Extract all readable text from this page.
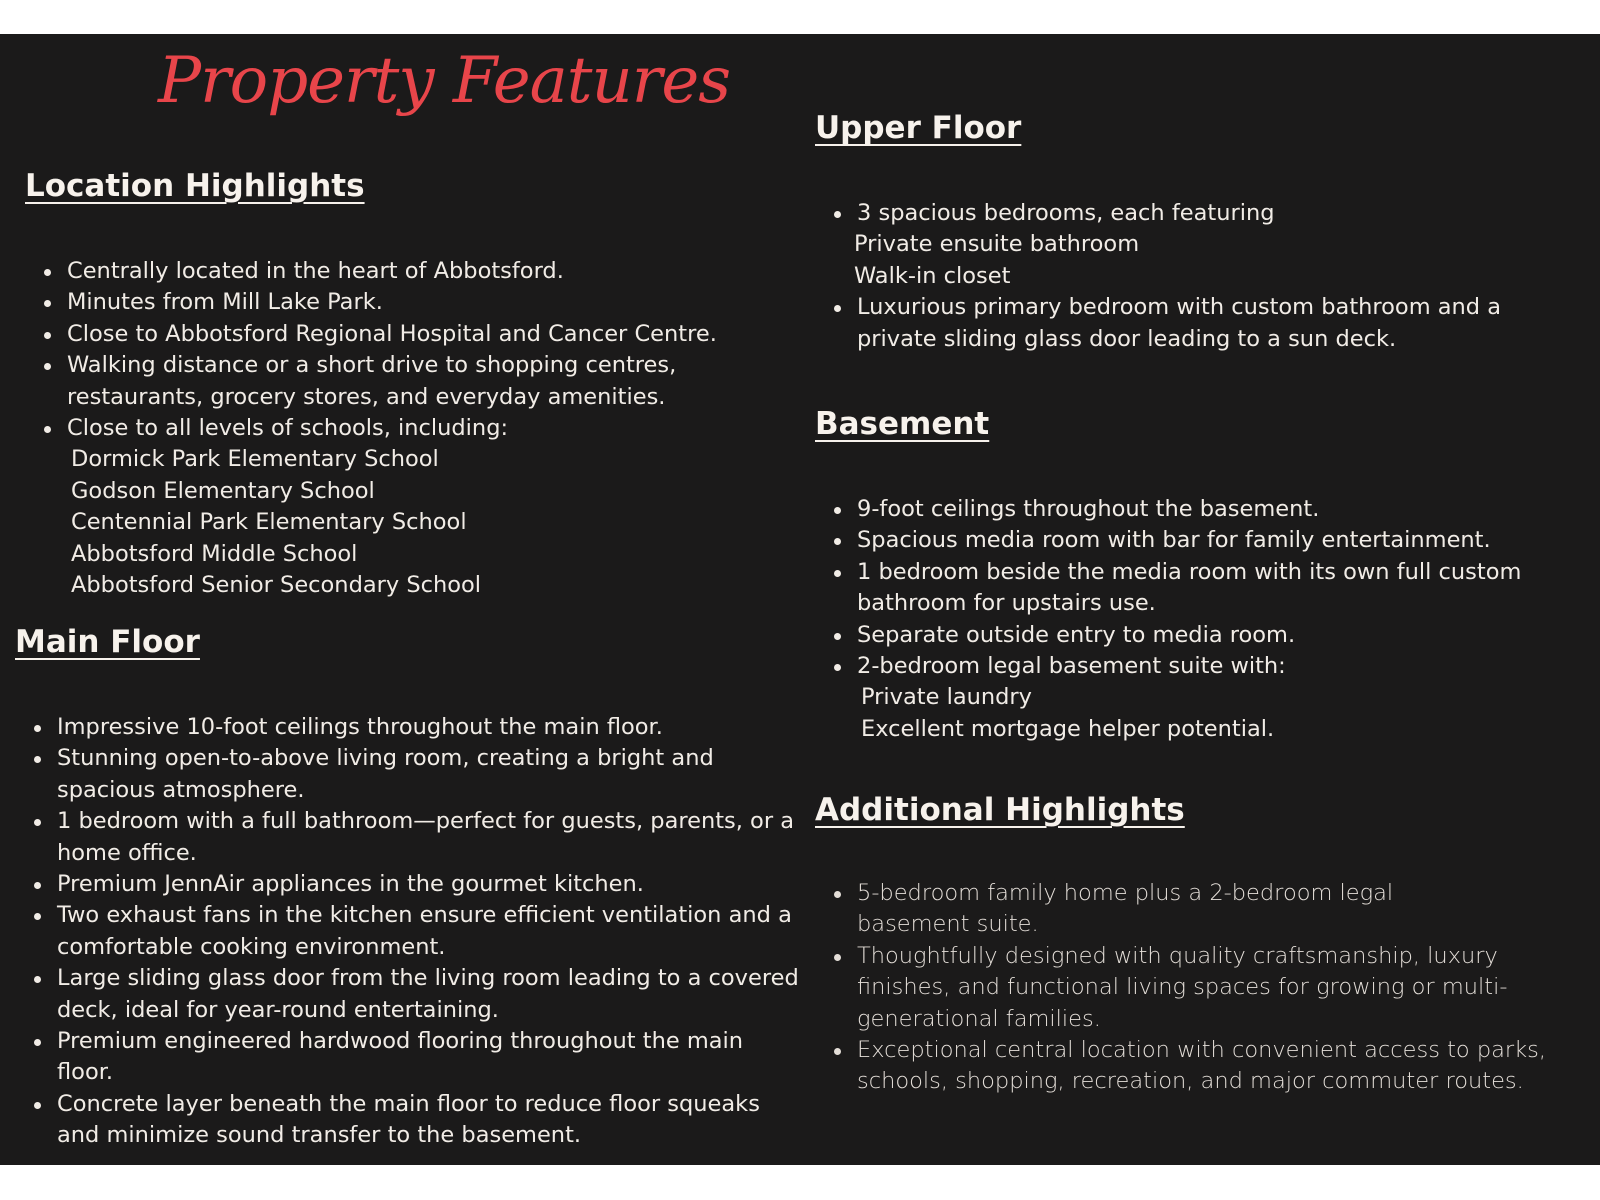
Property Features
Location Highlights
Centrally located in the heart of Abbotsford.
Minutes from Mill Lake Park.
Close to Abbotsford Regional Hospital and Cancer Centre.
Walking distance or a short drive to shopping centres, restaurants, grocery stores, and everyday amenities.
Close to all levels of schools, including:
Dormick Park Elementary School
Godson Elementary School
Centennial Park Elementary School
Abbotsford Middle School
Abbotsford Senior Secondary School
Main Floor
Impressive 10-foot ceilings throughout the main floor.
Stunning open-to-above living room, creating a bright and spacious atmosphere.
1 bedroom with a full bathroom—perfect for guests, parents, or a home office.
Premium JennAir appliances in the gourmet kitchen.
Two exhaust fans in the kitchen ensure efficient ventilation and a comfortable cooking environment.
Large sliding glass door from the living room leading to a covered deck, ideal for year-round entertaining.
Premium engineered hardwood flooring throughout the main floor.
Concrete layer beneath the main floor to reduce floor squeaks and minimize sound transfer to the basement.
Upper Floor
3 spacious bedrooms, each featuring
Private ensuite bathroom
Walk-in closet
Luxurious primary bedroom with custom bathroom and a private sliding glass door leading to a sun deck.
Basement
9-foot ceilings throughout the basement.
Spacious media room with bar for family entertainment.
1 bedroom beside the media room with its own full custom bathroom for upstairs use.
Separate outside entry to media room.
2-bedroom legal basement suite with:
Private laundry
Excellent mortgage helper potential.
Additional Highlights
5-bedroom family home plus a 2-bedroom legal basement suite.
Thoughtfully designed with quality craftsmanship, luxury finishes, and functional living spaces for growing or multi-generational families.
Exceptional central location with convenient access to parks, schools, shopping, recreation, and major commuter routes.
